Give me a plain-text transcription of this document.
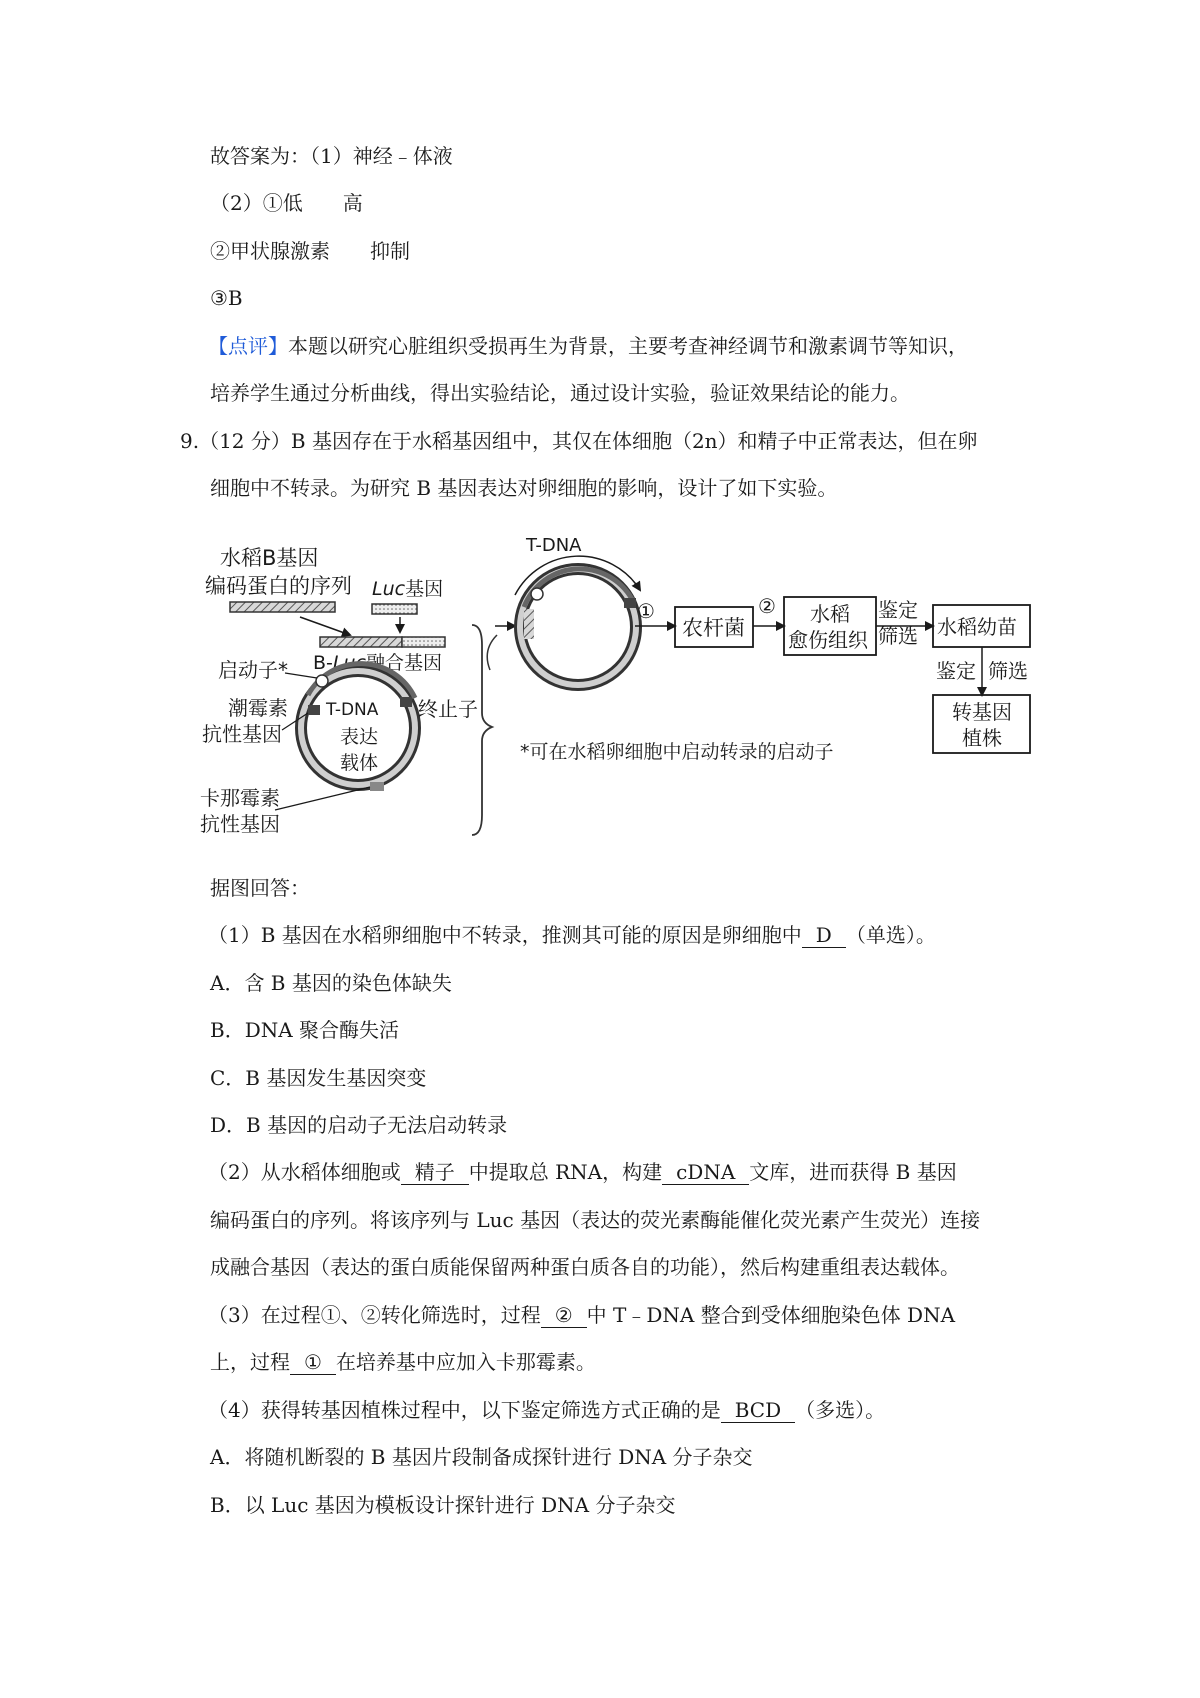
故答案为：（1）神经﹣体液
（2）①低　　高
②甲状腺激素　　抑制
③B
【点评】本题以研究心脏组织受损再生为背景，主要考查神经调节和激素调节等知识，
培养学生通过分析曲线，得出实验结论，通过设计实验，验证效果结论的能力。
9.（12 分）B 基因存在于水稻基因组中，其仅在体细胞（2n）和精子中正常表达，但在卵
细胞中不转录。为研究 B 基因表达对卵细胞的影响，设计了如下实验。
水稻B基因
编码蛋白的序列 Luc基因
B-Luc融合基因
启动子*
潮霉素
抗性基因
T-DNA
表达
载体
终止子
卡那霉素
抗性基因
T-DNA
①
农杆菌
② 水稻
愈伤组织
鉴定
筛选 水稻幼苗
鉴定 筛选
转基因
植株
*可在水稻卵细胞中启动转录的启动子
据图回答：
（1）B 基因在水稻卵细胞中不转录，推测其可能的原因是卵细胞中 D （单选）。
A．含 B 基因的染色体缺失
B．DNA 聚合酶失活
C．B 基因发生基因突变
D．B 基因的启动子无法启动转录
（2）从水稻体细胞或 精子 中提取总 RNA，构建 cDNA 文库，进而获得 B 基因
编码蛋白的序列。将该序列与 Luc 基因（表达的荧光素酶能催化荧光素产生荧光）连接
成融合基因（表达的蛋白质能保留两种蛋白质各自的功能），然后构建重组表达载体。
（3）在过程①、②转化筛选时，过程 ② 中 T﹣DNA 整合到受体细胞染色体 DNA
上，过程 ① 在培养基中应加入卡那霉素。
（4）获得转基因植株过程中，以下鉴定筛选方式正确的是 BCD （多选）。
A．将随机断裂的 B 基因片段制备成探针进行 DNA 分子杂交
B．以 Luc 基因为模板设计探针进行 DNA 分子杂交
